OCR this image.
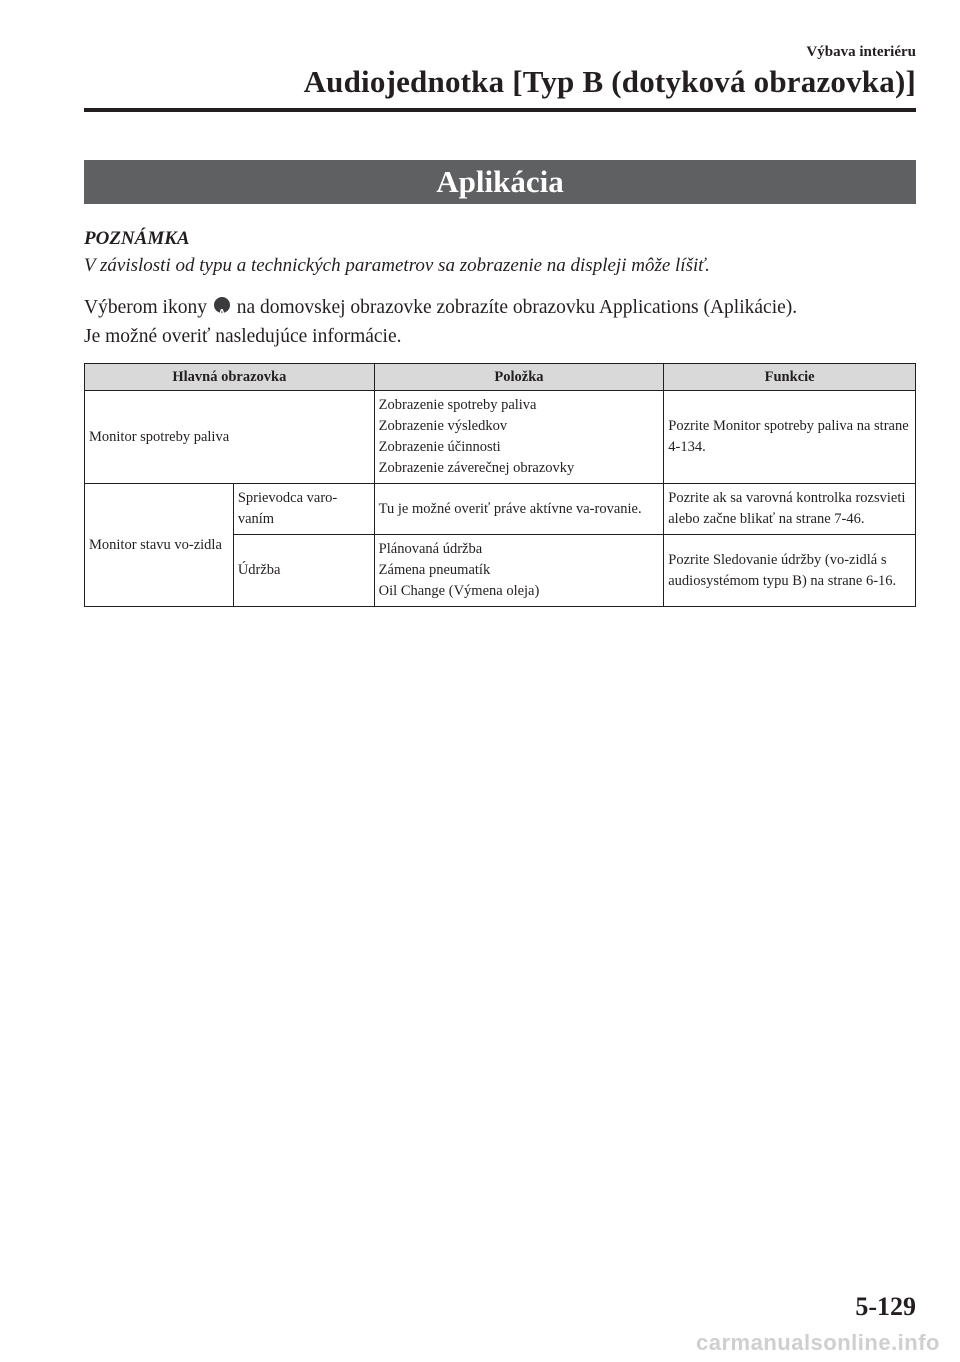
Výbava interiéru
Audiojednotka [Typ B (dotyková obrazovka)]
Aplikácia
POZNÁMKA
V závislosti od typu a technických parametrov sa zobrazenie na displeji môže líšiť.
Výberom ikony A na domovskej obrazovke zobrazíte obrazovku Applications (Aplikácie).
Je možné overiť nasledujúce informácie.
Hlavná obrazovka		Položka	Funkcie
Monitor spotreby paliva		Zobrazenie spotreby paliva
Zobrazenie výsledkov
Zobrazenie účinnosti
Zobrazenie záverečnej obrazovky	Pozrite Monitor spotreby paliva na strane 4-134.
Monitor stavu vo-zidla	Sprievodca varo-vaním	Tu je možné overiť práve aktívne va-rovanie.	Pozrite ak sa varovná kontrolka rozsvieti alebo začne blikať na strane 7-46.
	Údržba	Plánovaná údržba
Zámena pneumatík
Oil Change (Výmena oleja)	Pozrite Sledovanie údržby (vo-zidlá s audiosystémom typu B) na strane 6-16.
5-129
carmanualsonline.info
